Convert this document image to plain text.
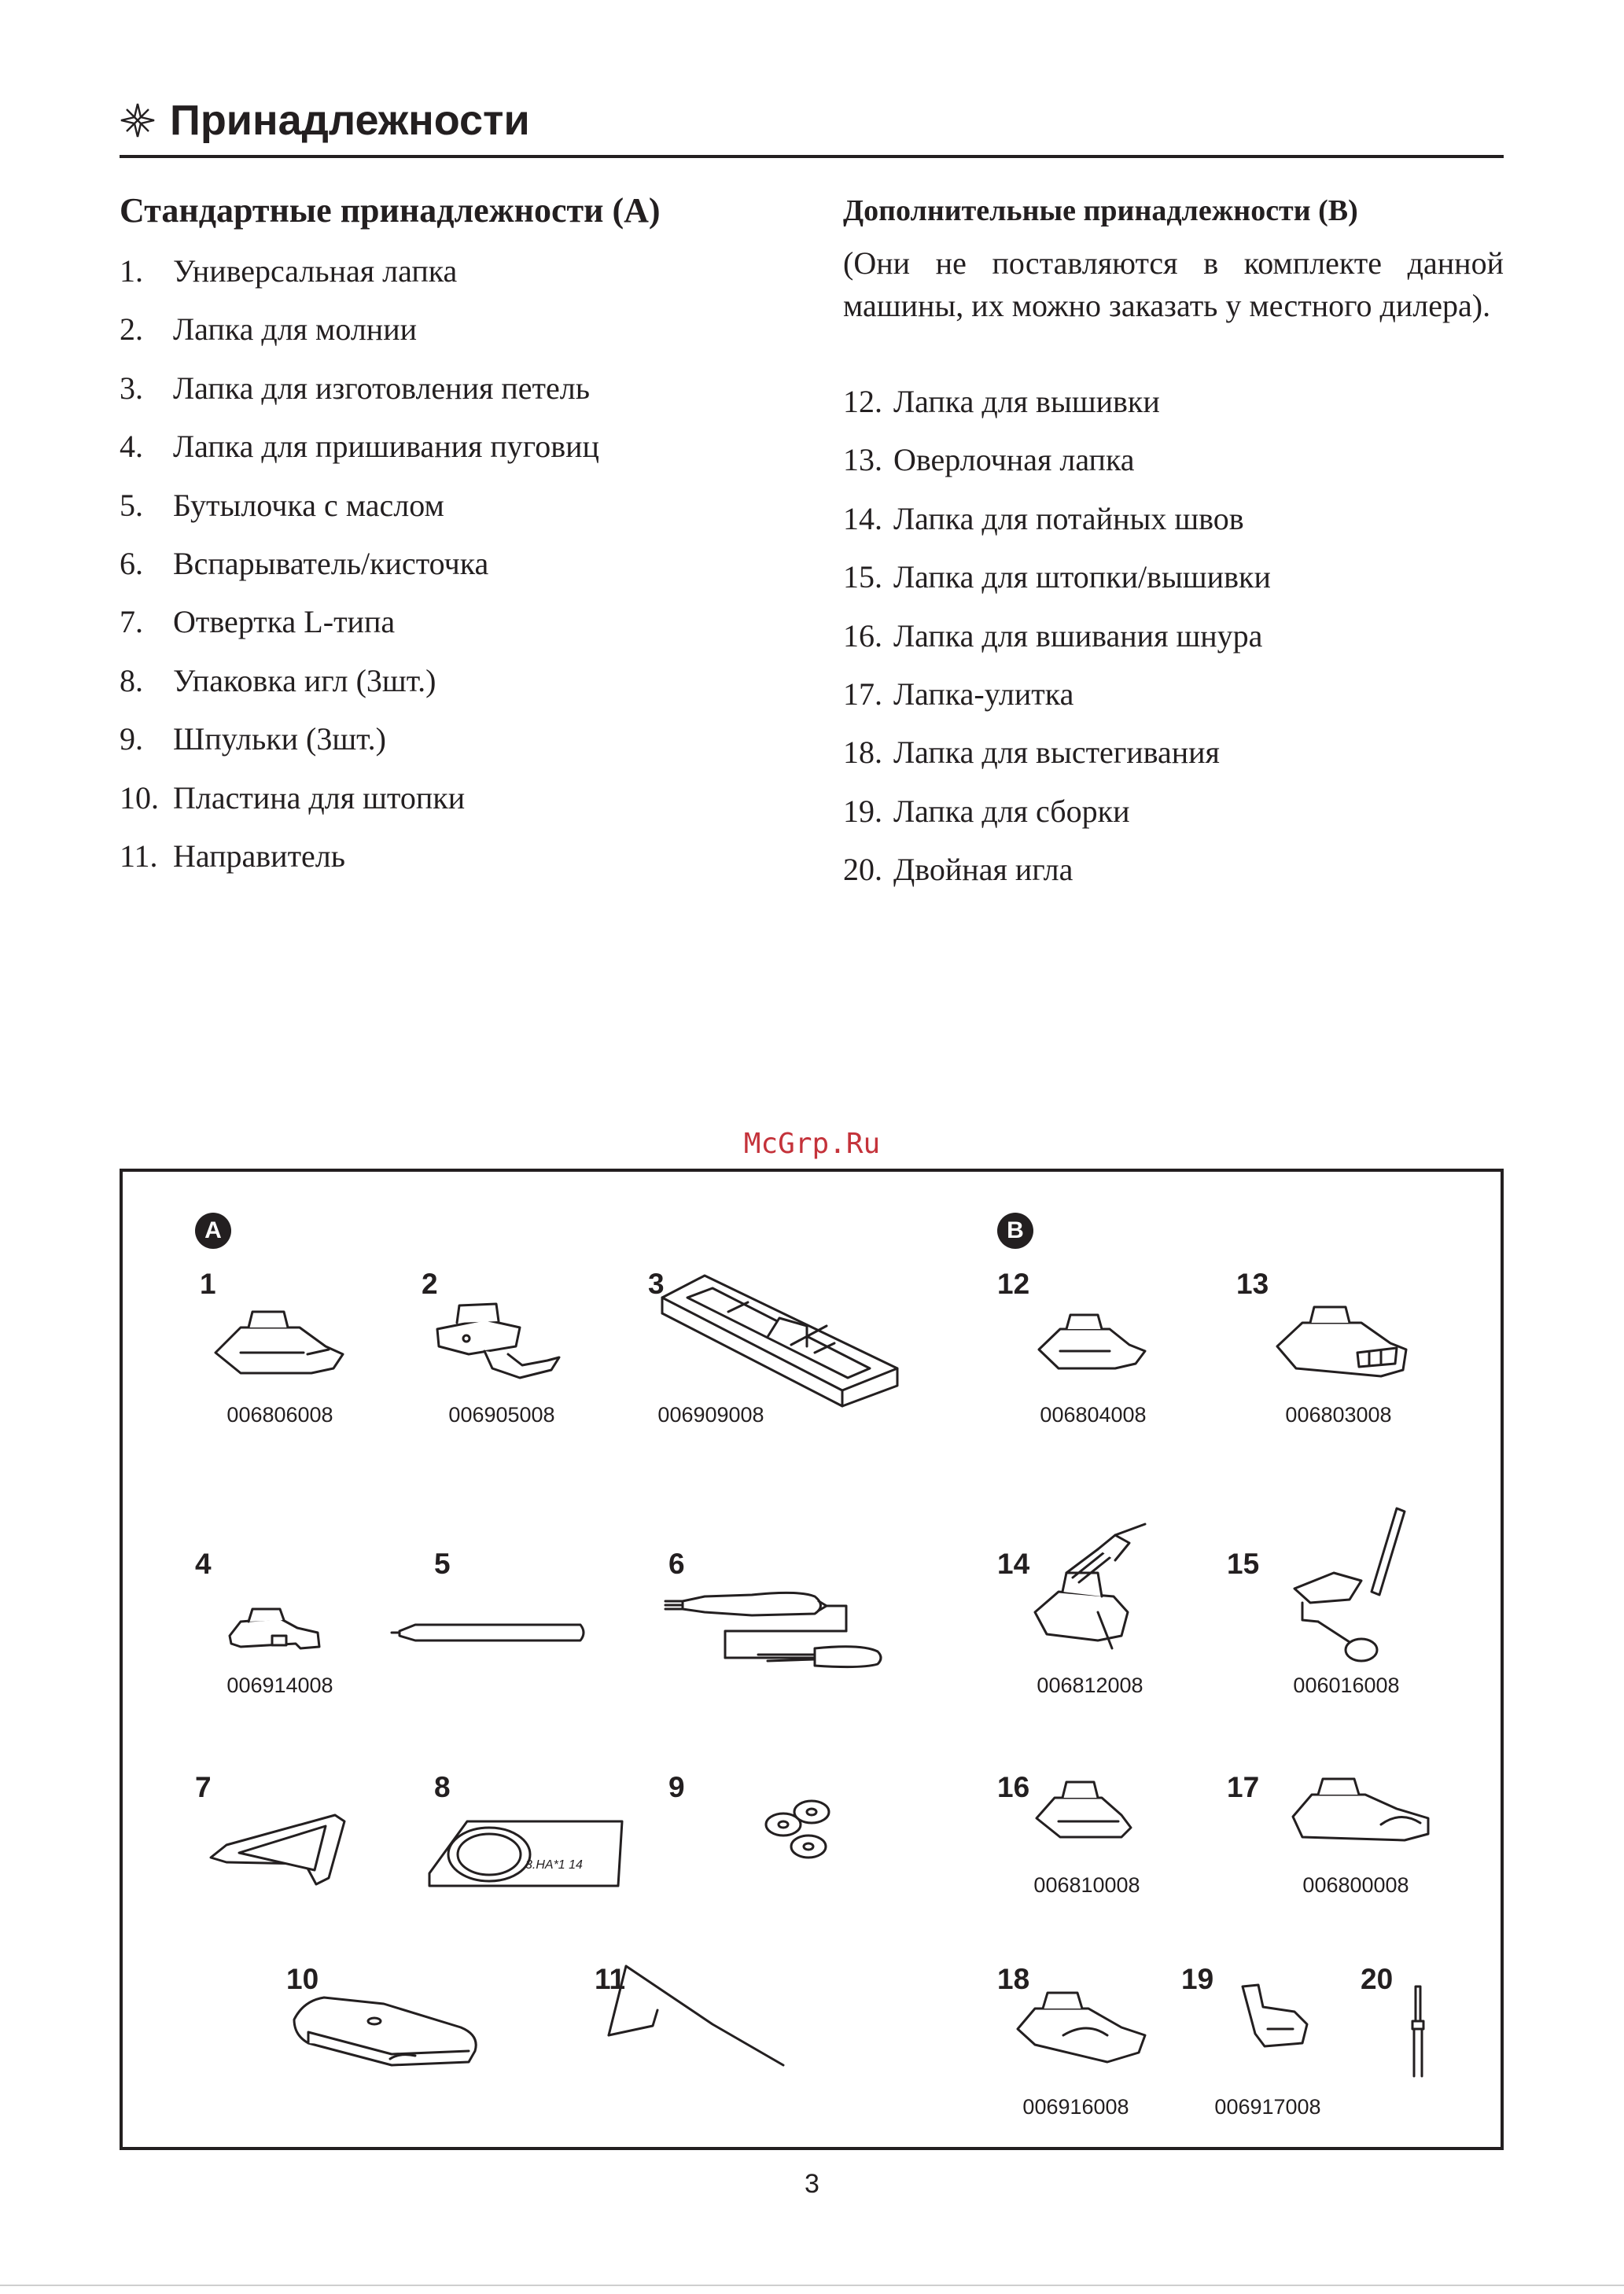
Принадлежности
Стандартные принадлежности (A)
1. Универсальная лапка
2. Лапка для молнии
3. Лапка для изготовления петель
4. Лапка для пришивания пуговиц
5. Бутылочка с маслом
6. Вспарыватель/кисточка
7. Отвертка L-типа
8. Упаковка игл (3шт.)
9. Шпульки (3шт.)
10. Пластина для штопки
11. Направитель
Дополнительные принадлежности (B)

(Они не поставляются в комплекте данной машины, их можно заказать у местного дилера).

12. Лапка для вышивки
13. Оверлочная лапка
14. Лапка для потайных швов
15. Лапка для штопки/вышивки
16. Лапка для вшивания шнура
17. Лапка-улитка
18. Лапка для выстегивания
19. Лапка для сборки
20. Двойная игла
McGrp.Ru
3.HA*1 14
A	B
1	2	3	12	13
4	5	6	14	15
7	8	9	16	17
10	11	18	19	20
006806008	006905008	006909008	006804008	006803008
006914008	006812008	006016008
006810008	006800008
006916008	006917008
3
